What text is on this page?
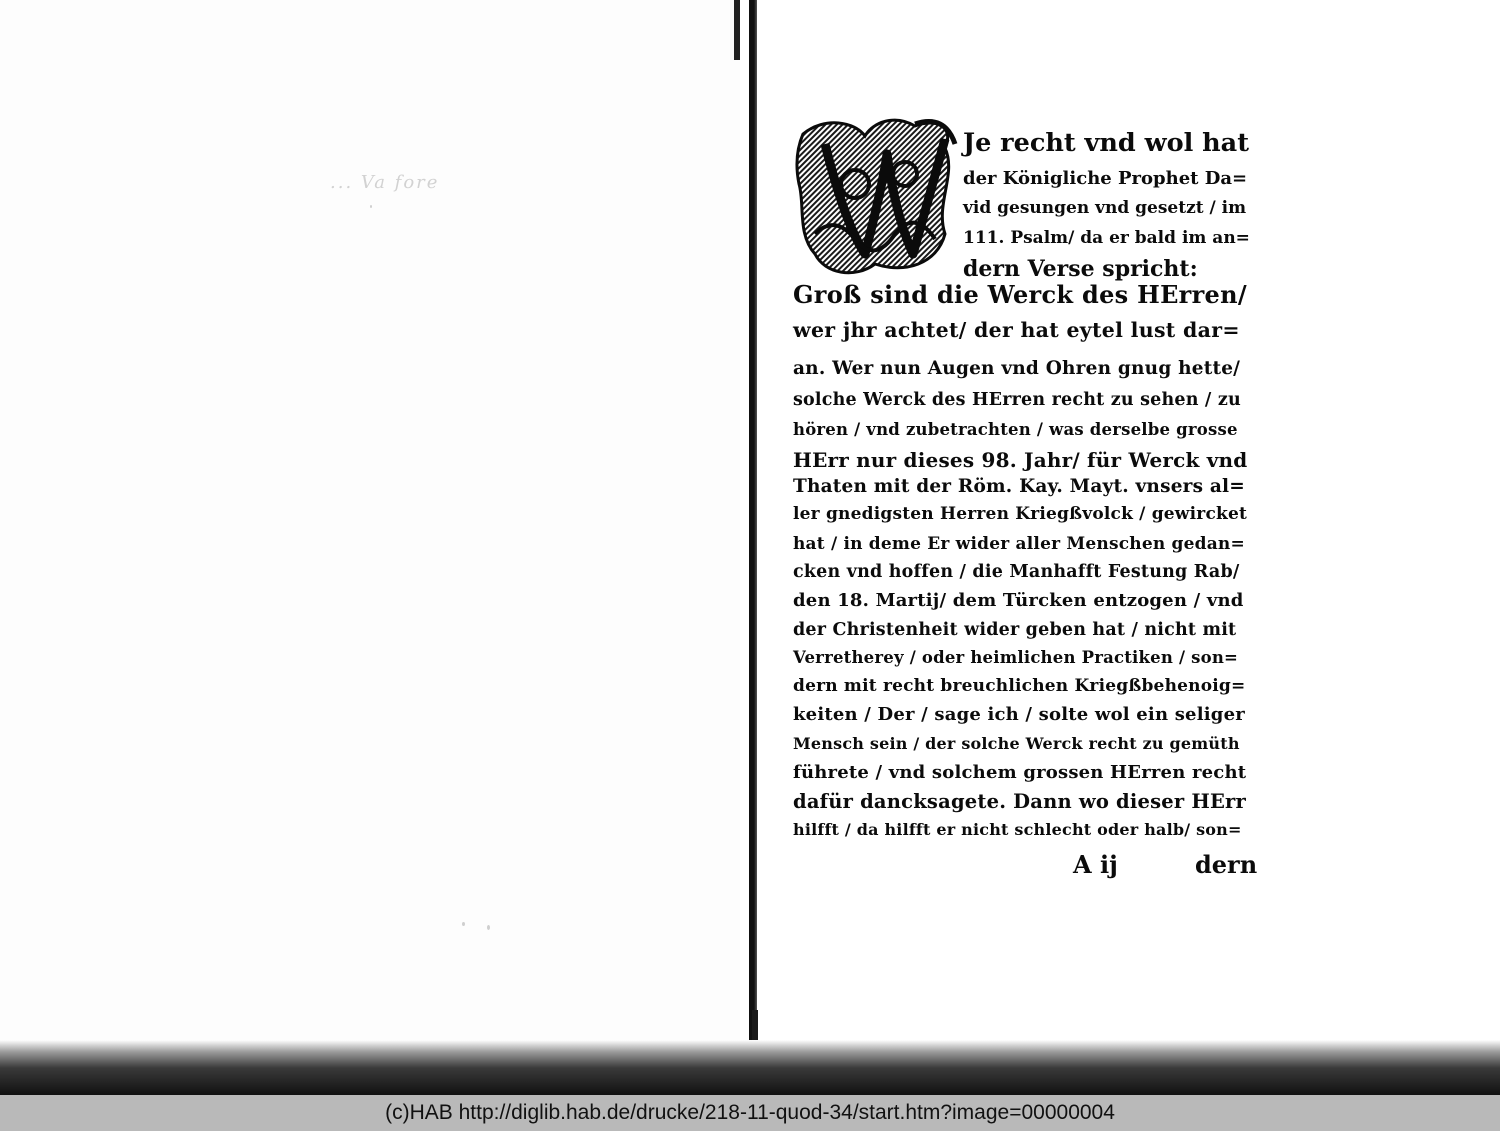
... Va fore
Je recht vnd wol hat
der Königliche Prophet Da=
vid gesungen vnd gesetzt / im
111. Psalm/ da er bald im an=
dern Verse spricht:
Groß sind die Werck des HErren/
wer jhr achtet/ der hat eytel lust dar=
an. Wer nun Augen vnd Ohren gnug hette/
solche Werck des HErren recht zu sehen / zu
hören / vnd zubetrachten / was derselbe grosse
HErr nur dieses 98. Jahr/ für Werck vnd
Thaten mit der Röm. Kay. Mayt. vnsers al=
ler gnedigsten Herren Kriegßvolck / gewircket
hat / in deme Er wider aller Menschen gedan=
cken vnd hoffen / die Manhafft Festung Rab/
den 18. Martij/ dem Türcken entzogen / vnd
der Christenheit wider geben hat / nicht mit
Verretherey / oder heimlichen Practiken / son=
dern mit recht breuchlichen Kriegßbehenoig=
keiten / Der / sage ich / solte wol ein seliger
Mensch sein / der solche Werck recht zu gemüth
führete / vnd solchem grossen HErren recht
dafür dancksagete. Dann wo dieser HErr
hilfft / da hilfft er nicht schlecht oder halb/ son=
A ij	dern
(c)HAB http://diglib.hab.de/drucke/218-11-quod-34/start.htm?image=00000004
